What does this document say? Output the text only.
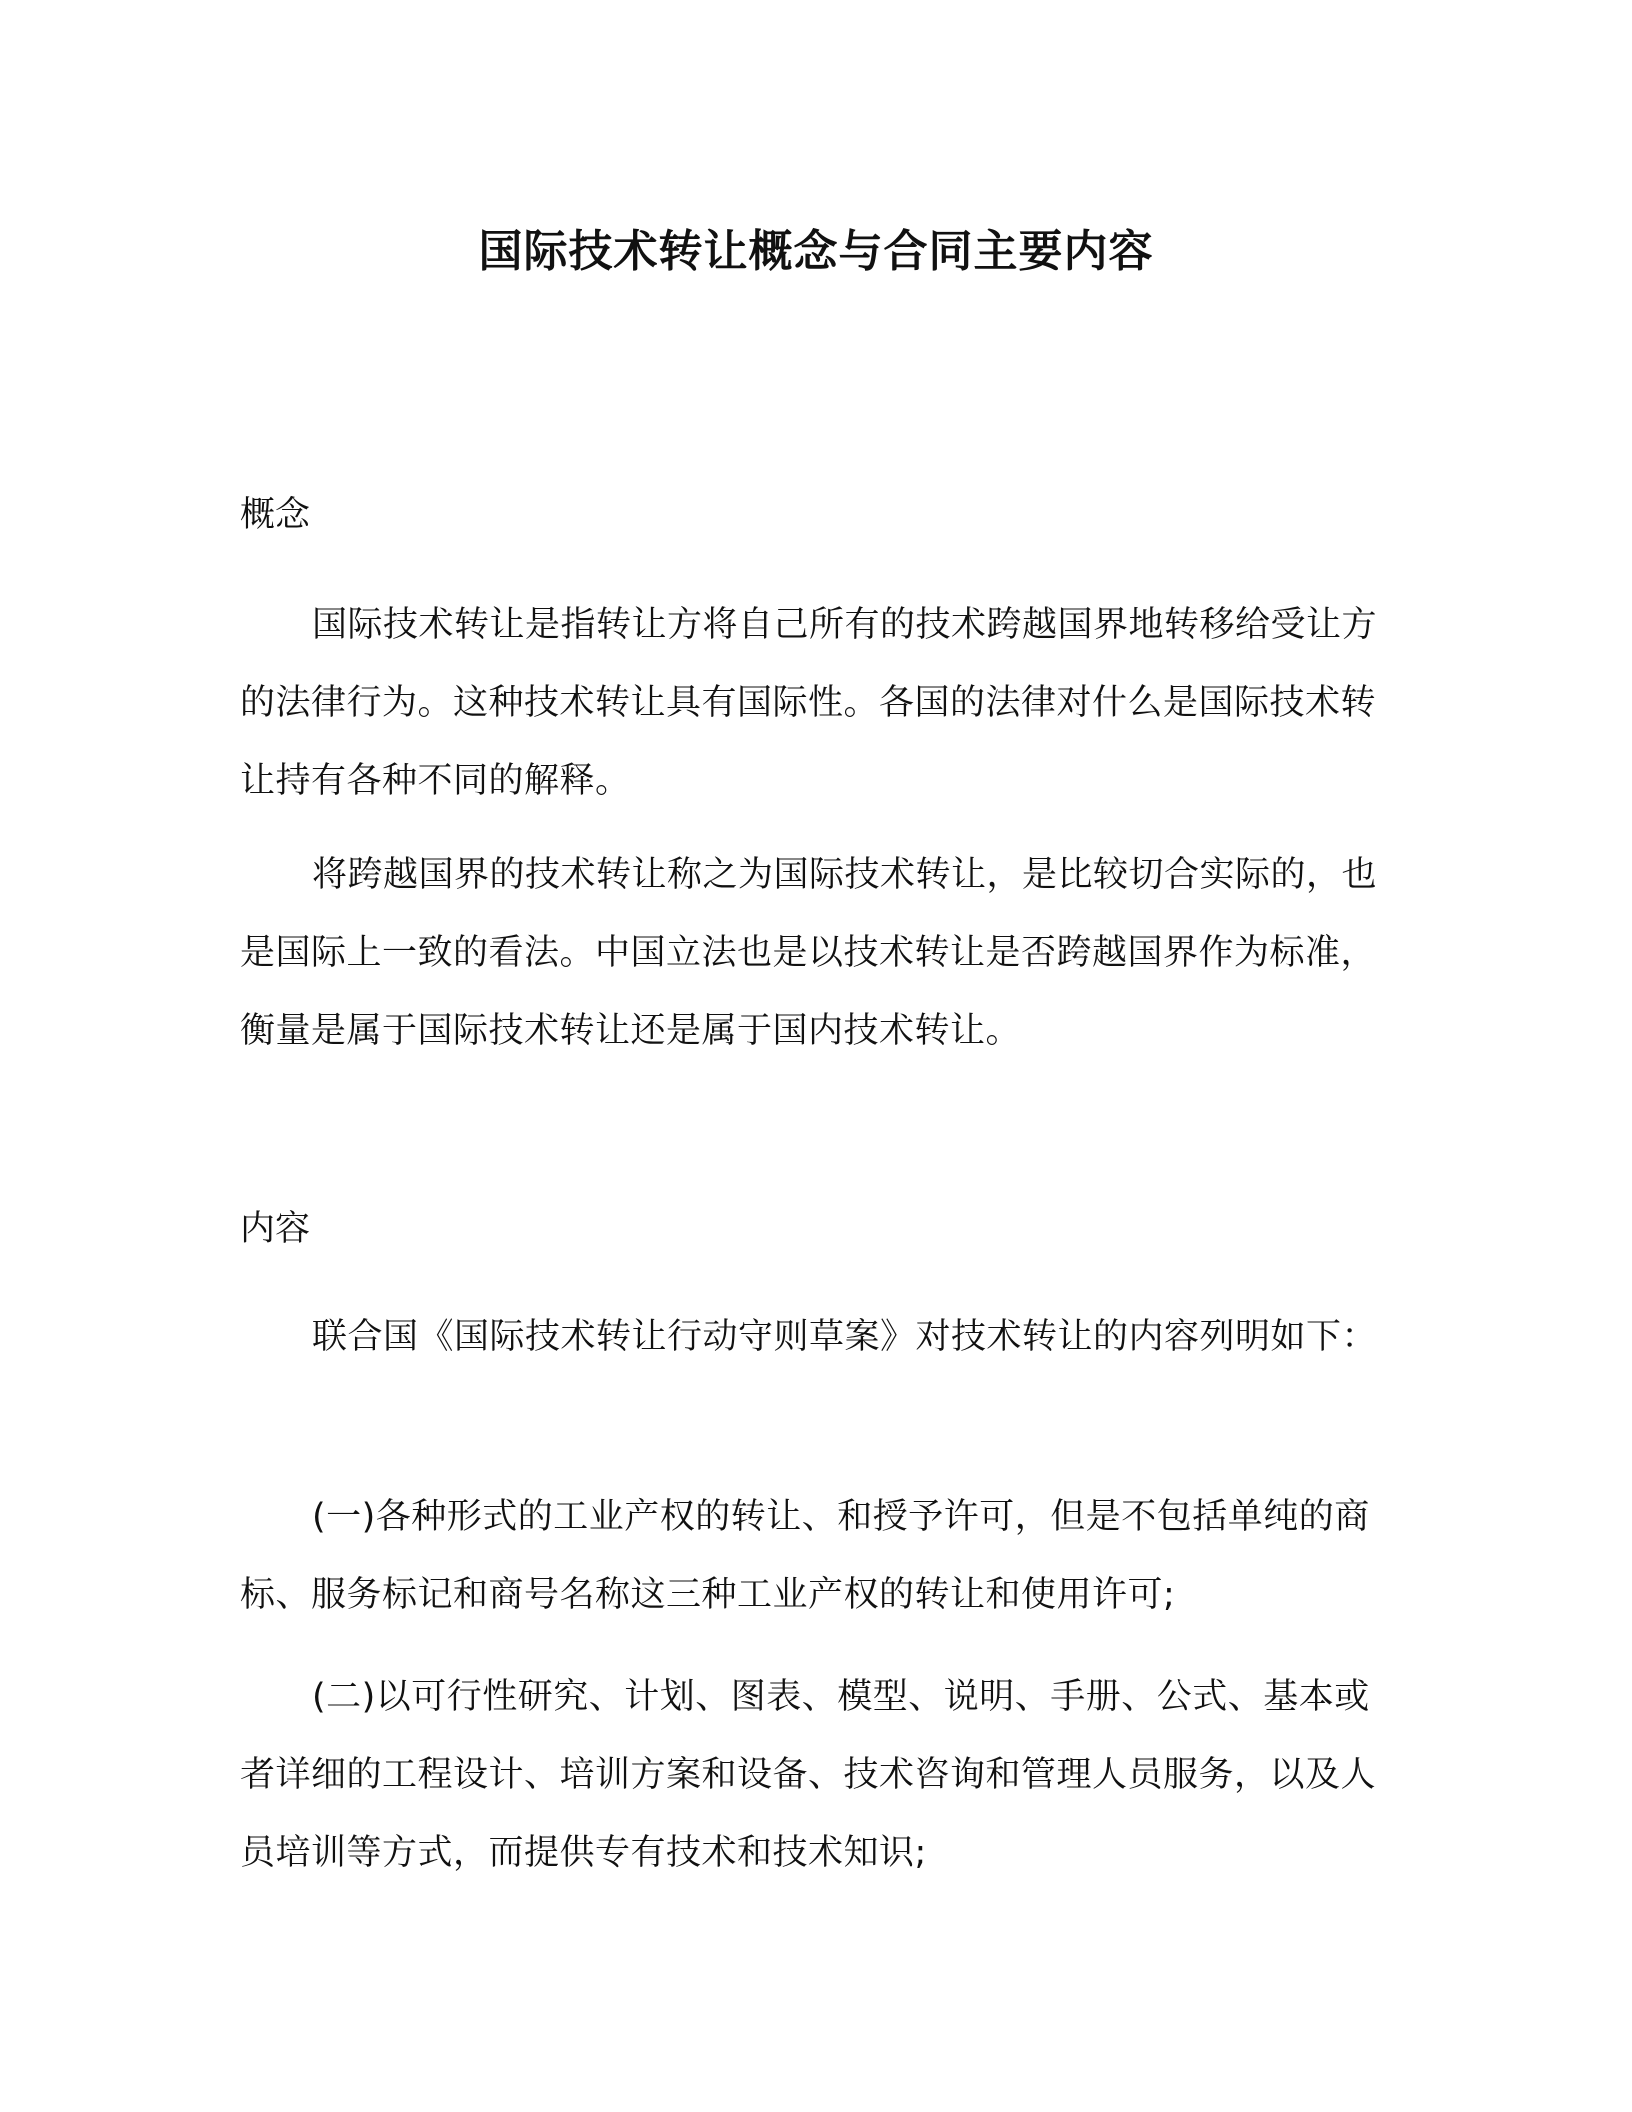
国际技术转让概念与合同主要内容
概念
国际技术转让是指转让方将自己所有的技术跨越国界地转移给受让方的法律行为。这种技术转让具有国际性。各国的法律对什么是国际技术转让持有各种不同的解释。
将跨越国界的技术转让称之为国际技术转让，是比较切合实际的，也是国际上一致的看法。中国立法也是以技术转让是否跨越国界作为标准，衡量是属于国际技术转让还是属于国内技术转让。
内容
联合国《国际技术转让行动守则草案》对技术转让的内容列明如下：
(一)各种形式的工业产权的转让、和授予许可，但是不包括单纯的商标、服务标记和商号名称这三种工业产权的转让和使用许可;
(二)以可行性研究、计划、图表、模型、说明、手册、公式、基本或者详细的工程设计、培训方案和设备、技术咨询和管理人员服务，以及人员培训等方式，而提供专有技术和技术知识;
